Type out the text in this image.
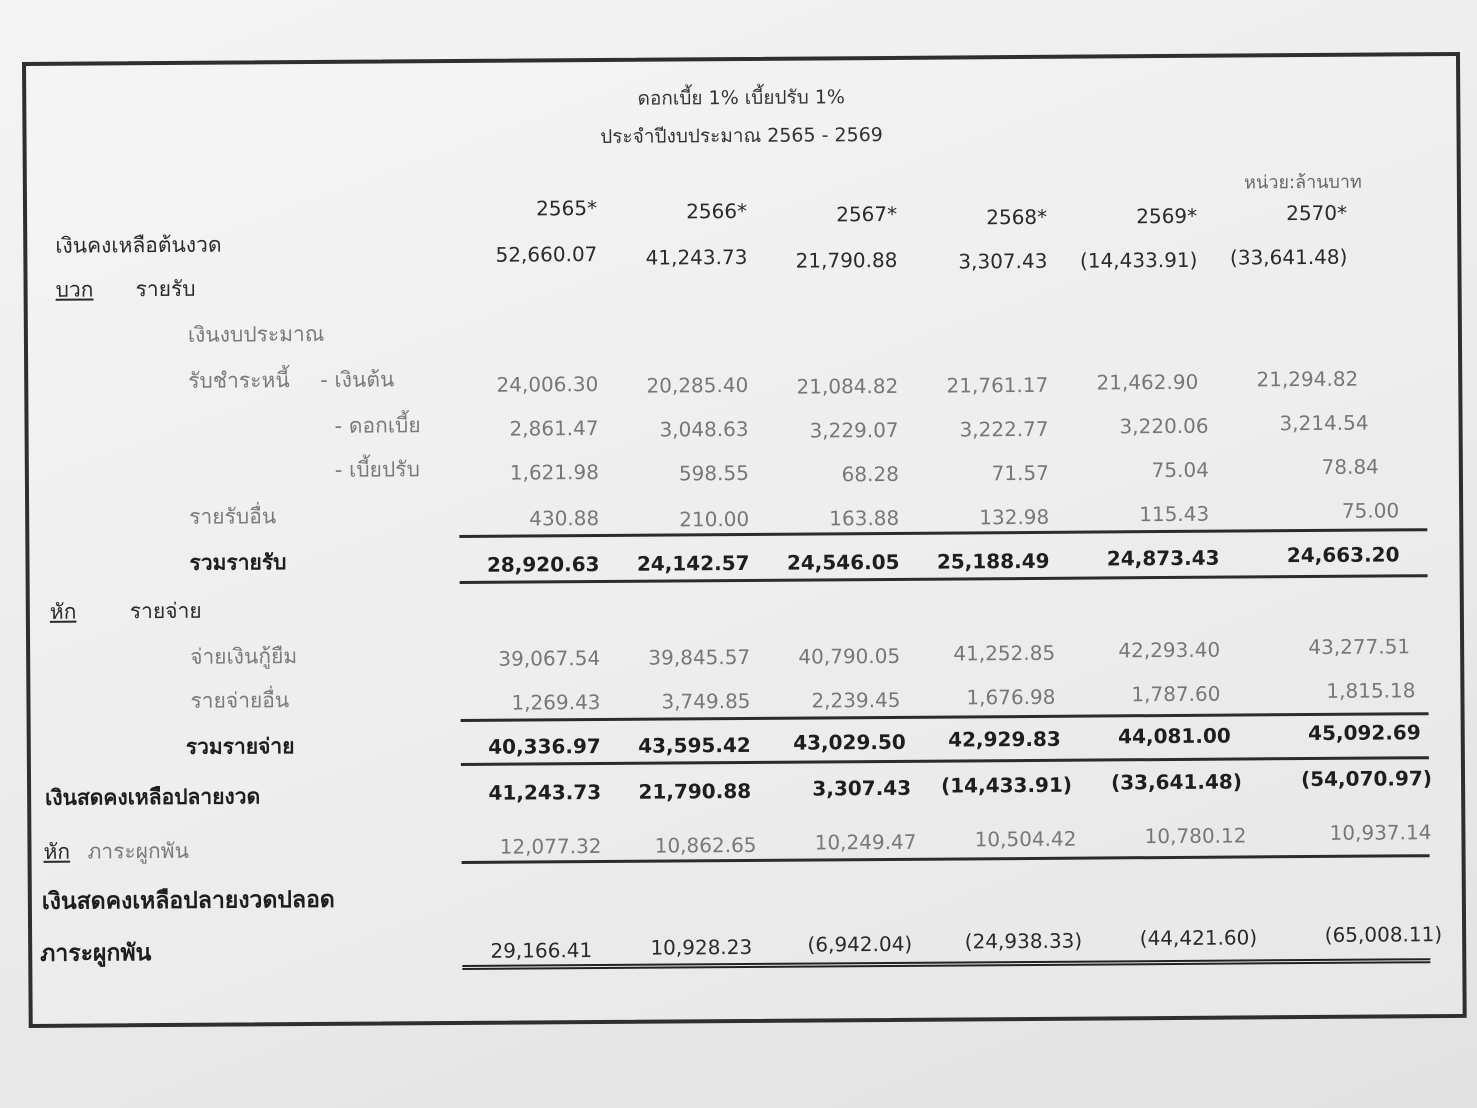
ดอกเบี้ย 1% เบี้ยปรับ 1%
ประจำปีงบประมาณ 2565 - 2569
หน่วย:ล้านบาท
2565*	2566*	2567*	2568*	2569*	2570*
เงินคงเหลือต้นงวด	52,660.07	41,243.73	21,790.88	3,307.43	(14,433.91)	(33,641.48)
บวก รายรับ
เงินงบประมาณ
รับชำระหนี้ - เงินต้น	24,006.30	20,285.40	21,084.82	21,761.17	21,462.90	21,294.82
- ดอกเบี้ย	2,861.47	3,048.63	3,229.07	3,222.77	3,220.06	3,214.54
- เบี้ยปรับ	1,621.98	598.55	68.28	71.57	75.04	78.84
รายรับอื่น	430.88	210.00	163.88	132.98	115.43	75.00
รวมรายรับ	28,920.63	24,142.57	24,546.05	25,188.49	24,873.43	24,663.20
หัก	รายจ่าย
จ่ายเงินกู้ยืม	39,067.54	39,845.57	40,790.05	41,252.85	42,293.40	43,277.51
รายจ่ายอื่น	1,269.43	3,749.85	2,239.45	1,676.98	1,787.60	1,815.18
รวมรายจ่าย	40,336.97	43,595.42	43,029.50	42,929.83	44,081.00	45,092.69
เงินสดคงเหลือปลายงวด	41,243.73	21,790.88	3,307.43 (14,433.91) (33,641.48)	(54,070.97)
หัก ภาระผูกพัน	12,077.32	10,862.65	10,249.47	10,504.42	10,780.12	10,937.14
เงินสดคงเหลือปลายงวดปลอด
ภาระผูกพัน	29,166.41	10,928.23	(6,942.04)	(24,938.33)	(44,421.60)	(65,008.11)
